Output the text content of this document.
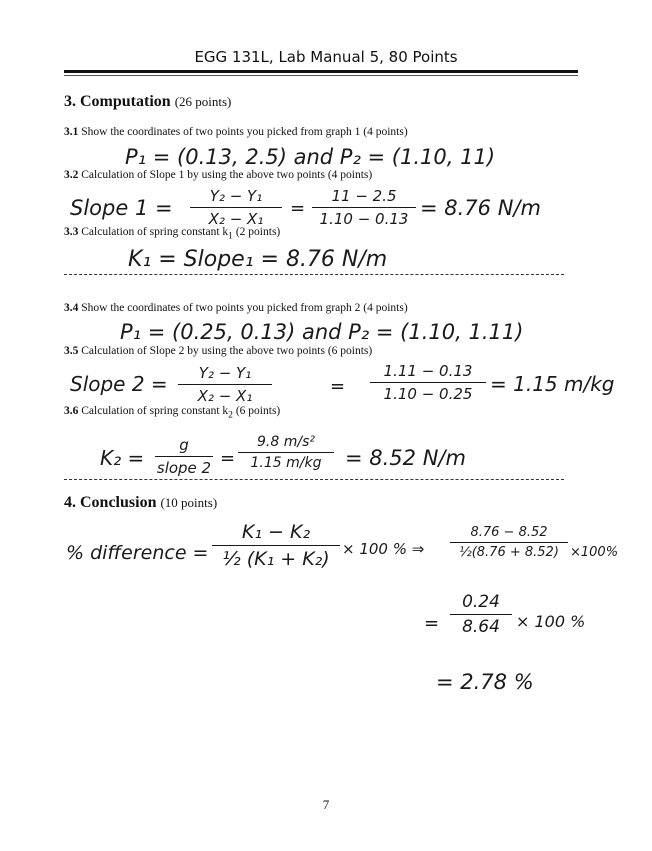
EGG 131L, Lab Manual 5, 80 Points
3. Computation (26 points)
3.1 Show the coordinates of two points you picked from graph 1 (4 points)
P₁ = (0.13, 2.5) and P₂ = (1.10, 11)
3.2 Calculation of Slope 1 by using the above two points (4 points)
Slope 1 =	Y₂ − Y₁
X₂ − X₁	=
11 − 2.5
1.10 − 0.13 = 8.76 N/m
3.3 Calculation of spring constant $k_1$ (2 points)
K₁ = Slope₁ = 8.76 N/m
3.4 Show the coordinates of two points you picked from graph 2 (4 points)
P₁ = (0.25, 0.13) and P₂ = (1.10, 1.11)
3.5 Calculation of Slope 2 by using the above two points (6 points)
Slope 2 =	Y₂ − Y₁
X₂ − X₁	=
1.11 − 0.13
1.10 − 0.25 = 1.15 m/kg
3.6 Calculation of spring constant $k_2$ (6 points)
K₂ =
g
slope 2 =
9.8 m/s²
1.15 m/kg	= 8.52 N/m
4. Conclusion (10 points)
% difference =
K₁ − K₂
½ (K₁ + K₂) × 100 % ⇒
8.76 − 8.52
½(8.76 + 8.52) ×100%
=
0.24
8.64	× 100 %
= 2.78 %
7
